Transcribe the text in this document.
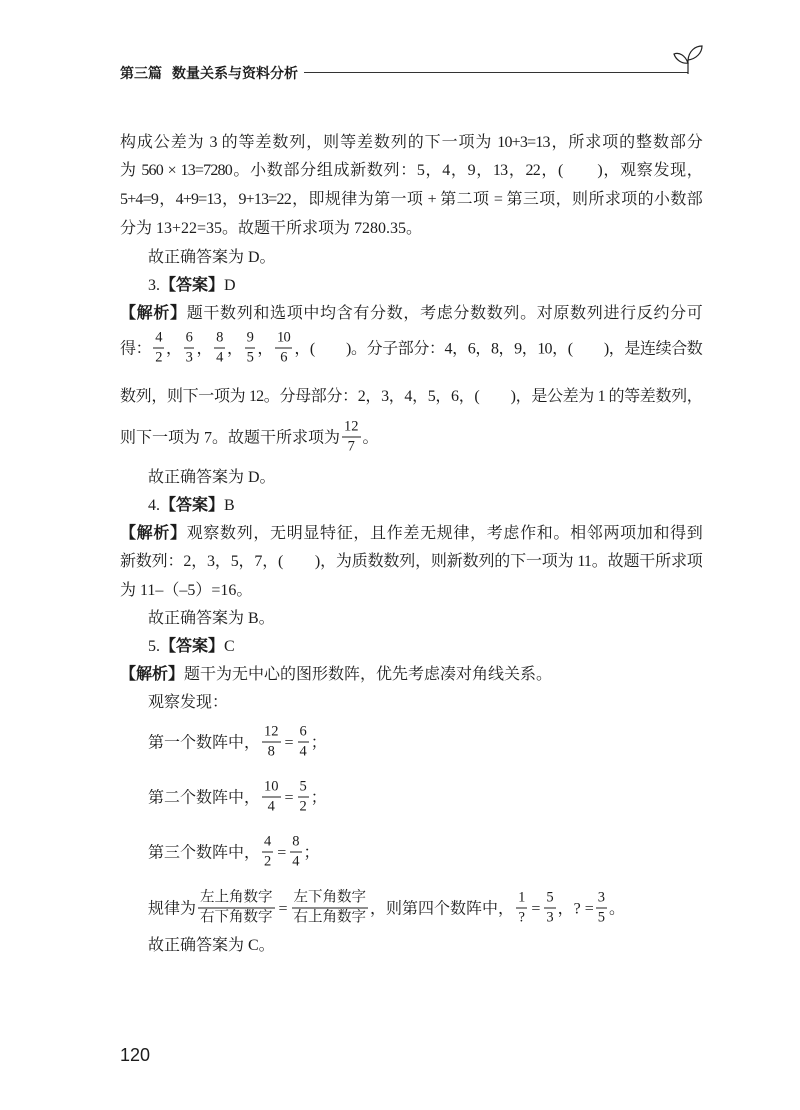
第三篇 数量关系与资料分析
构成公差为 3 的等差数列，则等差数列的下一项为 10+3=13，所求项的整数部分
为 560 × 13=7280。小数部分组成新数列：5，4，9，13，22，(　　)，观察发现，
5+4=9，4+9=13，9+13=22，即规律为第一项 + 第二项 = 第三项，则所求项的小数部
分为 13+22=35。故题干所求项为 7280.35。
故正确答案为 D。
3.【答案】D
【解析】题干数列和选项中均含有分数，考虑分数数列。对原数列进行反约分可
得： $\frac{4}{2}$ ， $\frac{6}{3}$ ， $\frac{8}{4}$ ， $\frac{9}{5}$ ， $\frac{10}{6}$ ，(　　)。分子部分：4，6，8，9，10，(　　)，是连续合数
数列，则下一项为 12。分母部分：2，3，4，5，6，(　　)，是公差为 1 的等差数列，
则下一项为 7。故题干所求项为 $\frac{12}{7}$ 。
故正确答案为 D。
4.【答案】B
【解析】观察数列，无明显特征，且作差无规律，考虑作和。相邻两项加和得到
新数列：2，3，5，7，(　　)，为质数数列，则新数列的下一项为 11。故题干所求项
为 11–（–5）=16。
故正确答案为 B。
5.【答案】C
【解析】题干为无中心的图形数阵，优先考虑凑对角线关系。
观察发现：
第一个数阵中， $\frac{12}{8} = \frac{6}{4}$ ；
第二个数阵中， $\frac{10}{4} = \frac{5}{2}$ ；
第三个数阵中， $\frac{4}{2} = \frac{8}{4}$ ；
规律为 $\frac{\text{左上角数字}}{\text{右下角数字}} = \frac{\text{左下角数字}}{\text{右上角数字}}$ ，则第四个数阵中， $\frac{1}{?} = \frac{5}{3}$ ，? = $\frac{3}{5}$ 。
故正确答案为 C。
120
